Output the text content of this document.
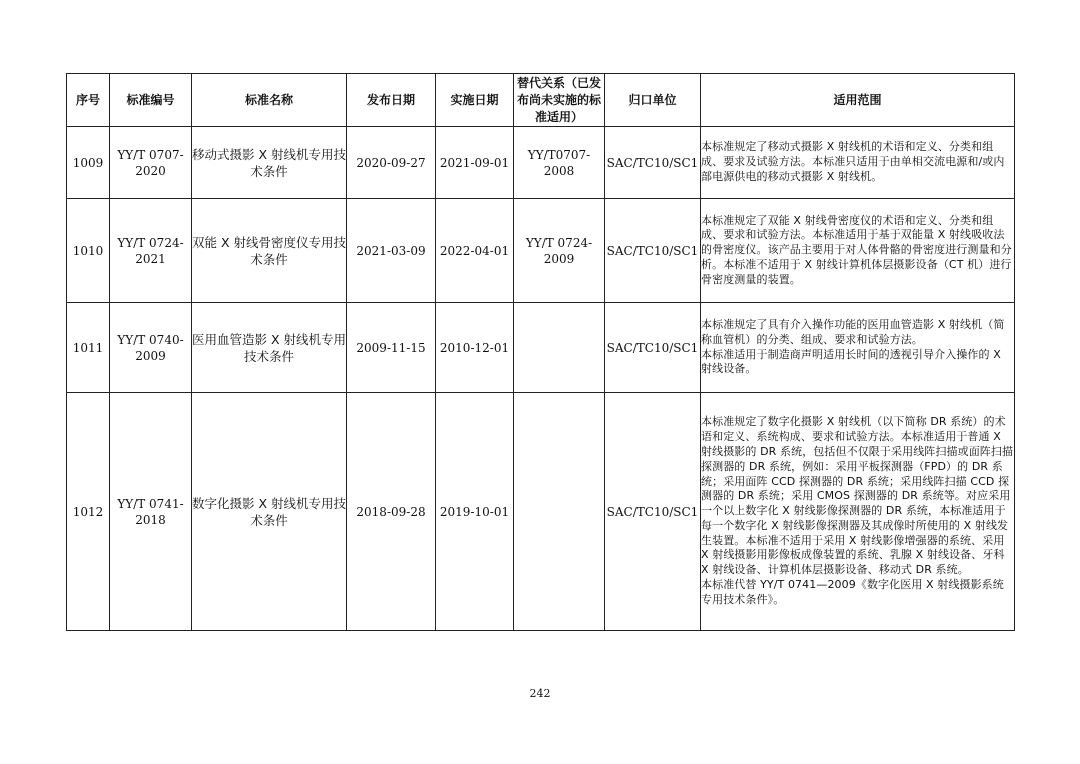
序号	标准编号	标准名称	发布日期	实施日期	替代关系（已发布尚未实施的标准适用）	归口单位	适用范围
1009	YY/T 0707-2020	移动式摄影 X 射线机专用技术条件	2020-09-27	2021-09-01	YY/T0707-2008	SAC/TC10/SC1	本标准规定了移动式摄影 X 射线机的术语和定义、分类和组成、要求及试验方法。本标准只适用于由单相交流电源和/或内部电源供电的移动式摄影 X 射线机。

1010	YY/T 0724-2021	双能 X 射线骨密度仪专用技术条件	2021-03-09	2022-04-01	YY/T 0724-2009	SAC/TC10/SC1	本标准规定了双能 X 射线骨密度仪的术语和定义、分类和组成、要求和试验方法。本标准适用于基于双能量 X 射线吸收法的骨密度仪。该产品主要用于对人体骨骼的骨密度进行测量和分析。本标准不适用于 X 射线计算机体层摄影设备（CT 机）进行骨密度测量的装置。

1011	YY/T 0740-2009	医用血管造影 X 射线机专用技术条件	2009-11-15	2010-12-01		SAC/TC10/SC1	本标准规定了具有介入操作功能的医用血管造影 X 射线机（简称血管机）的分类、组成、要求和试验方法。

本标准适用于制造商声明适用长时间的透视引导介入操作的 X 射线设备。

1012	YY/T 0741-2018	数字化摄影 X 射线机专用技术条件	2018-09-28	2019-10-01		SAC/TC10/SC1	本标准规定了数字化摄影 X 射线机（以下简称 DR 系统）的术语和定义、系统构成、要求和试验方法。本标准适用于普通 X 射线摄影的 DR 系统，包括但不仅限于采用线阵扫描或面阵扫描探测器的 DR 系统，例如：采用平板探测器（FPD）的 DR 系统；采用面阵 CCD 探测器的 DR 系统；采用线阵扫描 CCD 探测器的 DR 系统；采用 CMOS 探测器的 DR 系统等。对应采用一个以上数字化 X 射线影像探测器的 DR 系统，本标准适用于每一个数字化 X 射线影像探测器及其成像时所使用的 X 射线发生装置。本标准不适用于采用 X 射线影像增强器的系统、采用 X 射线摄影用影像板成像装置的系统、乳腺 X 射线设备、牙科 X 射线设备、计算机体层摄影设备、移动式 DR 系统。

本标准代替 YY/T 0741—2009《数字化医用 X 射线摄影系统专用技术条件》。

242
